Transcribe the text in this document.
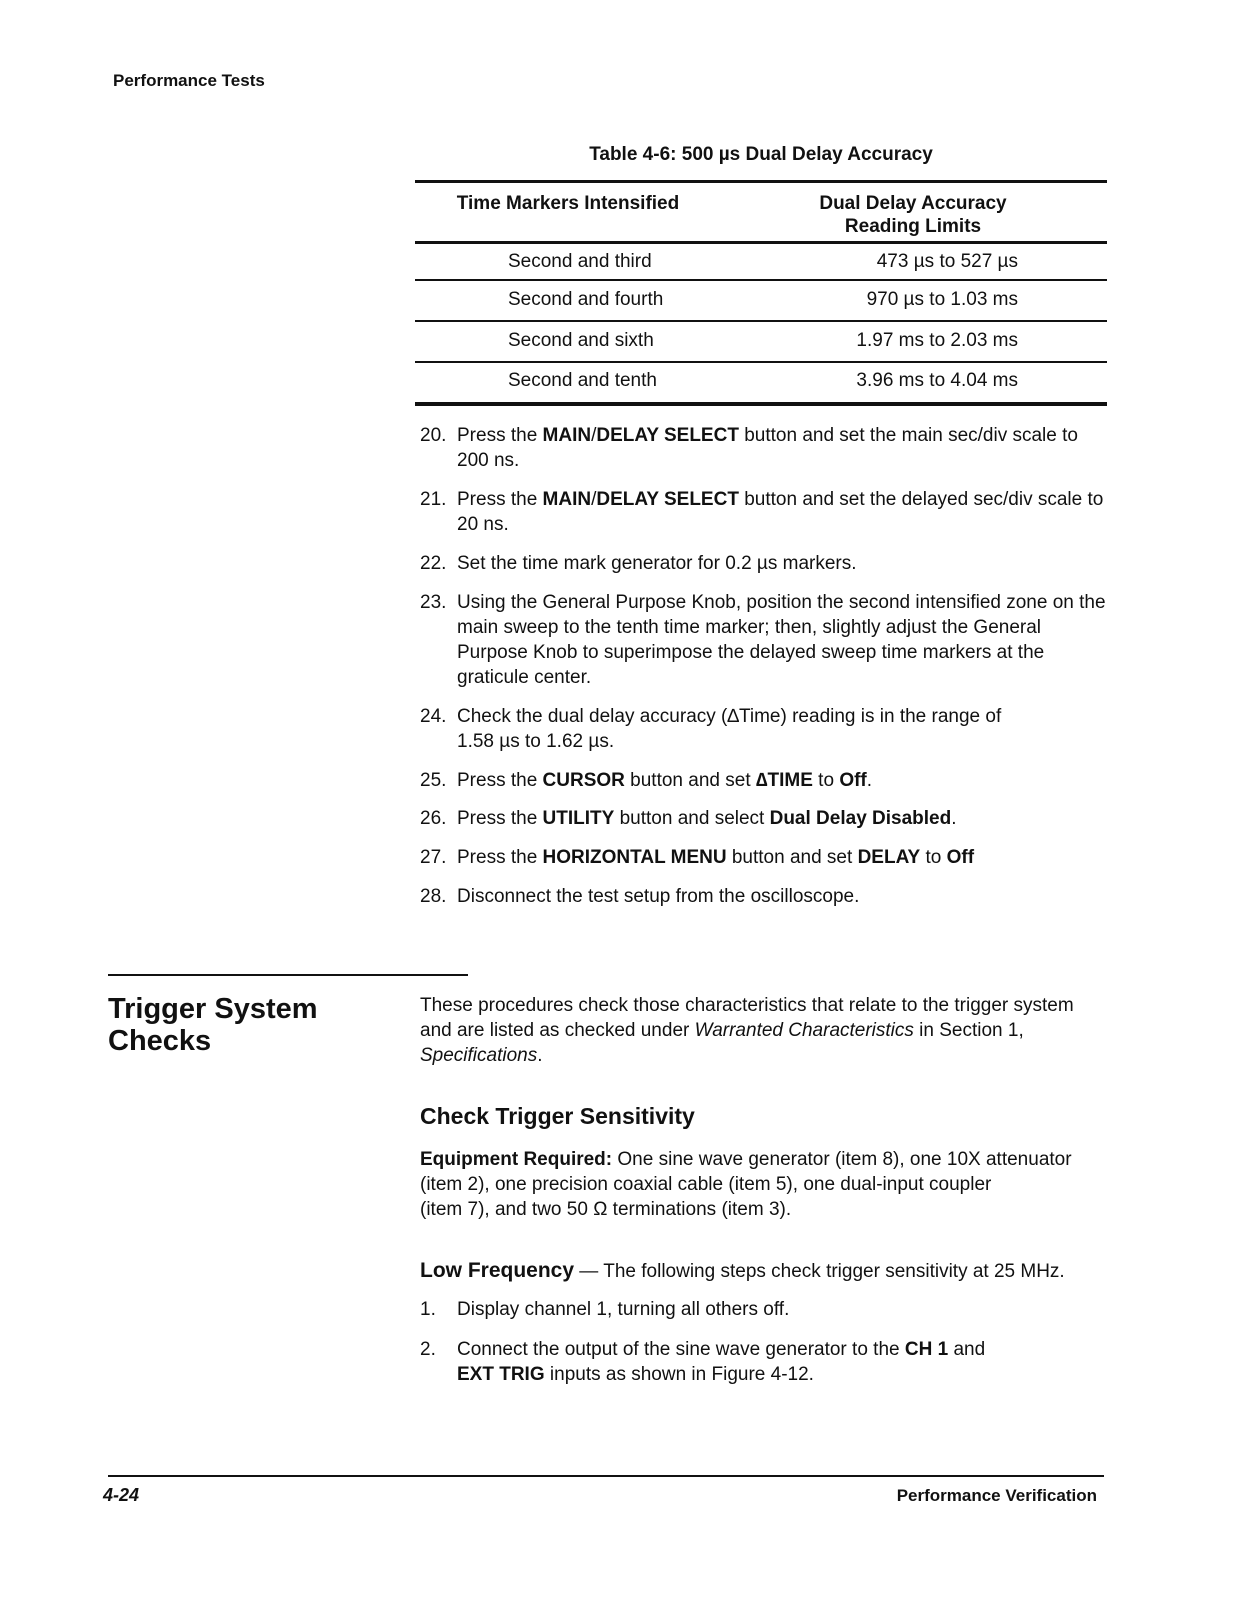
Performance Tests
Table 4-6: 500 µs Dual Delay Accuracy
Time Markers Intensified	Dual Delay Accuracy
Reading Limits
Second and third	473 µs to 527 µs
Second and fourth	970 µs to 1.03 ms
Second and sixth	1.97 ms to 2.03 ms
Second and tenth	3.96 ms to 4.04 ms
20. Press the MAIN/DELAY SELECT button and set the main sec/div scale to 200 ns.
21. Press the MAIN/DELAY SELECT button and set the delayed sec/div scale to 20 ns.
22. Set the time mark generator for 0.2 µs markers.
23. Using the General Purpose Knob, position the second intensified zone on the main sweep to the tenth time marker; then, slightly adjust the General Purpose Knob to superimpose the delayed sweep time markers at the graticule center.
24. Check the dual delay accuracy (∆Time) reading is in the range of
1.58 µs to 1.62 µs.
25. Press the CURSOR button and set ∆TIME to Off.
26. Press the UTILITY button and select Dual Delay Disabled.
27. Press the HORIZONTAL MENU button and set DELAY to Off
28. Disconnect the test setup from the oscilloscope.
Trigger System
Checks
These procedures check those characteristics that relate to the trigger system and are listed as checked under Warranted Characteristics in Section 1, Specifications.
Check Trigger Sensitivity
Equipment Required: One sine wave generator (item 8), one 10X attenuator
(item 2), one precision coaxial cable (item 5), one dual-input coupler
(item 7), and two 50 Ω terminations (item 3).
Low Frequency — The following steps check trigger sensitivity at 25 MHz.
1.	Display channel 1, turning all others off.
2.	Connect the output of the sine wave generator to the CH 1 and
EXT TRIG inputs as shown in Figure 4-12.
4-24	Performance Verification
